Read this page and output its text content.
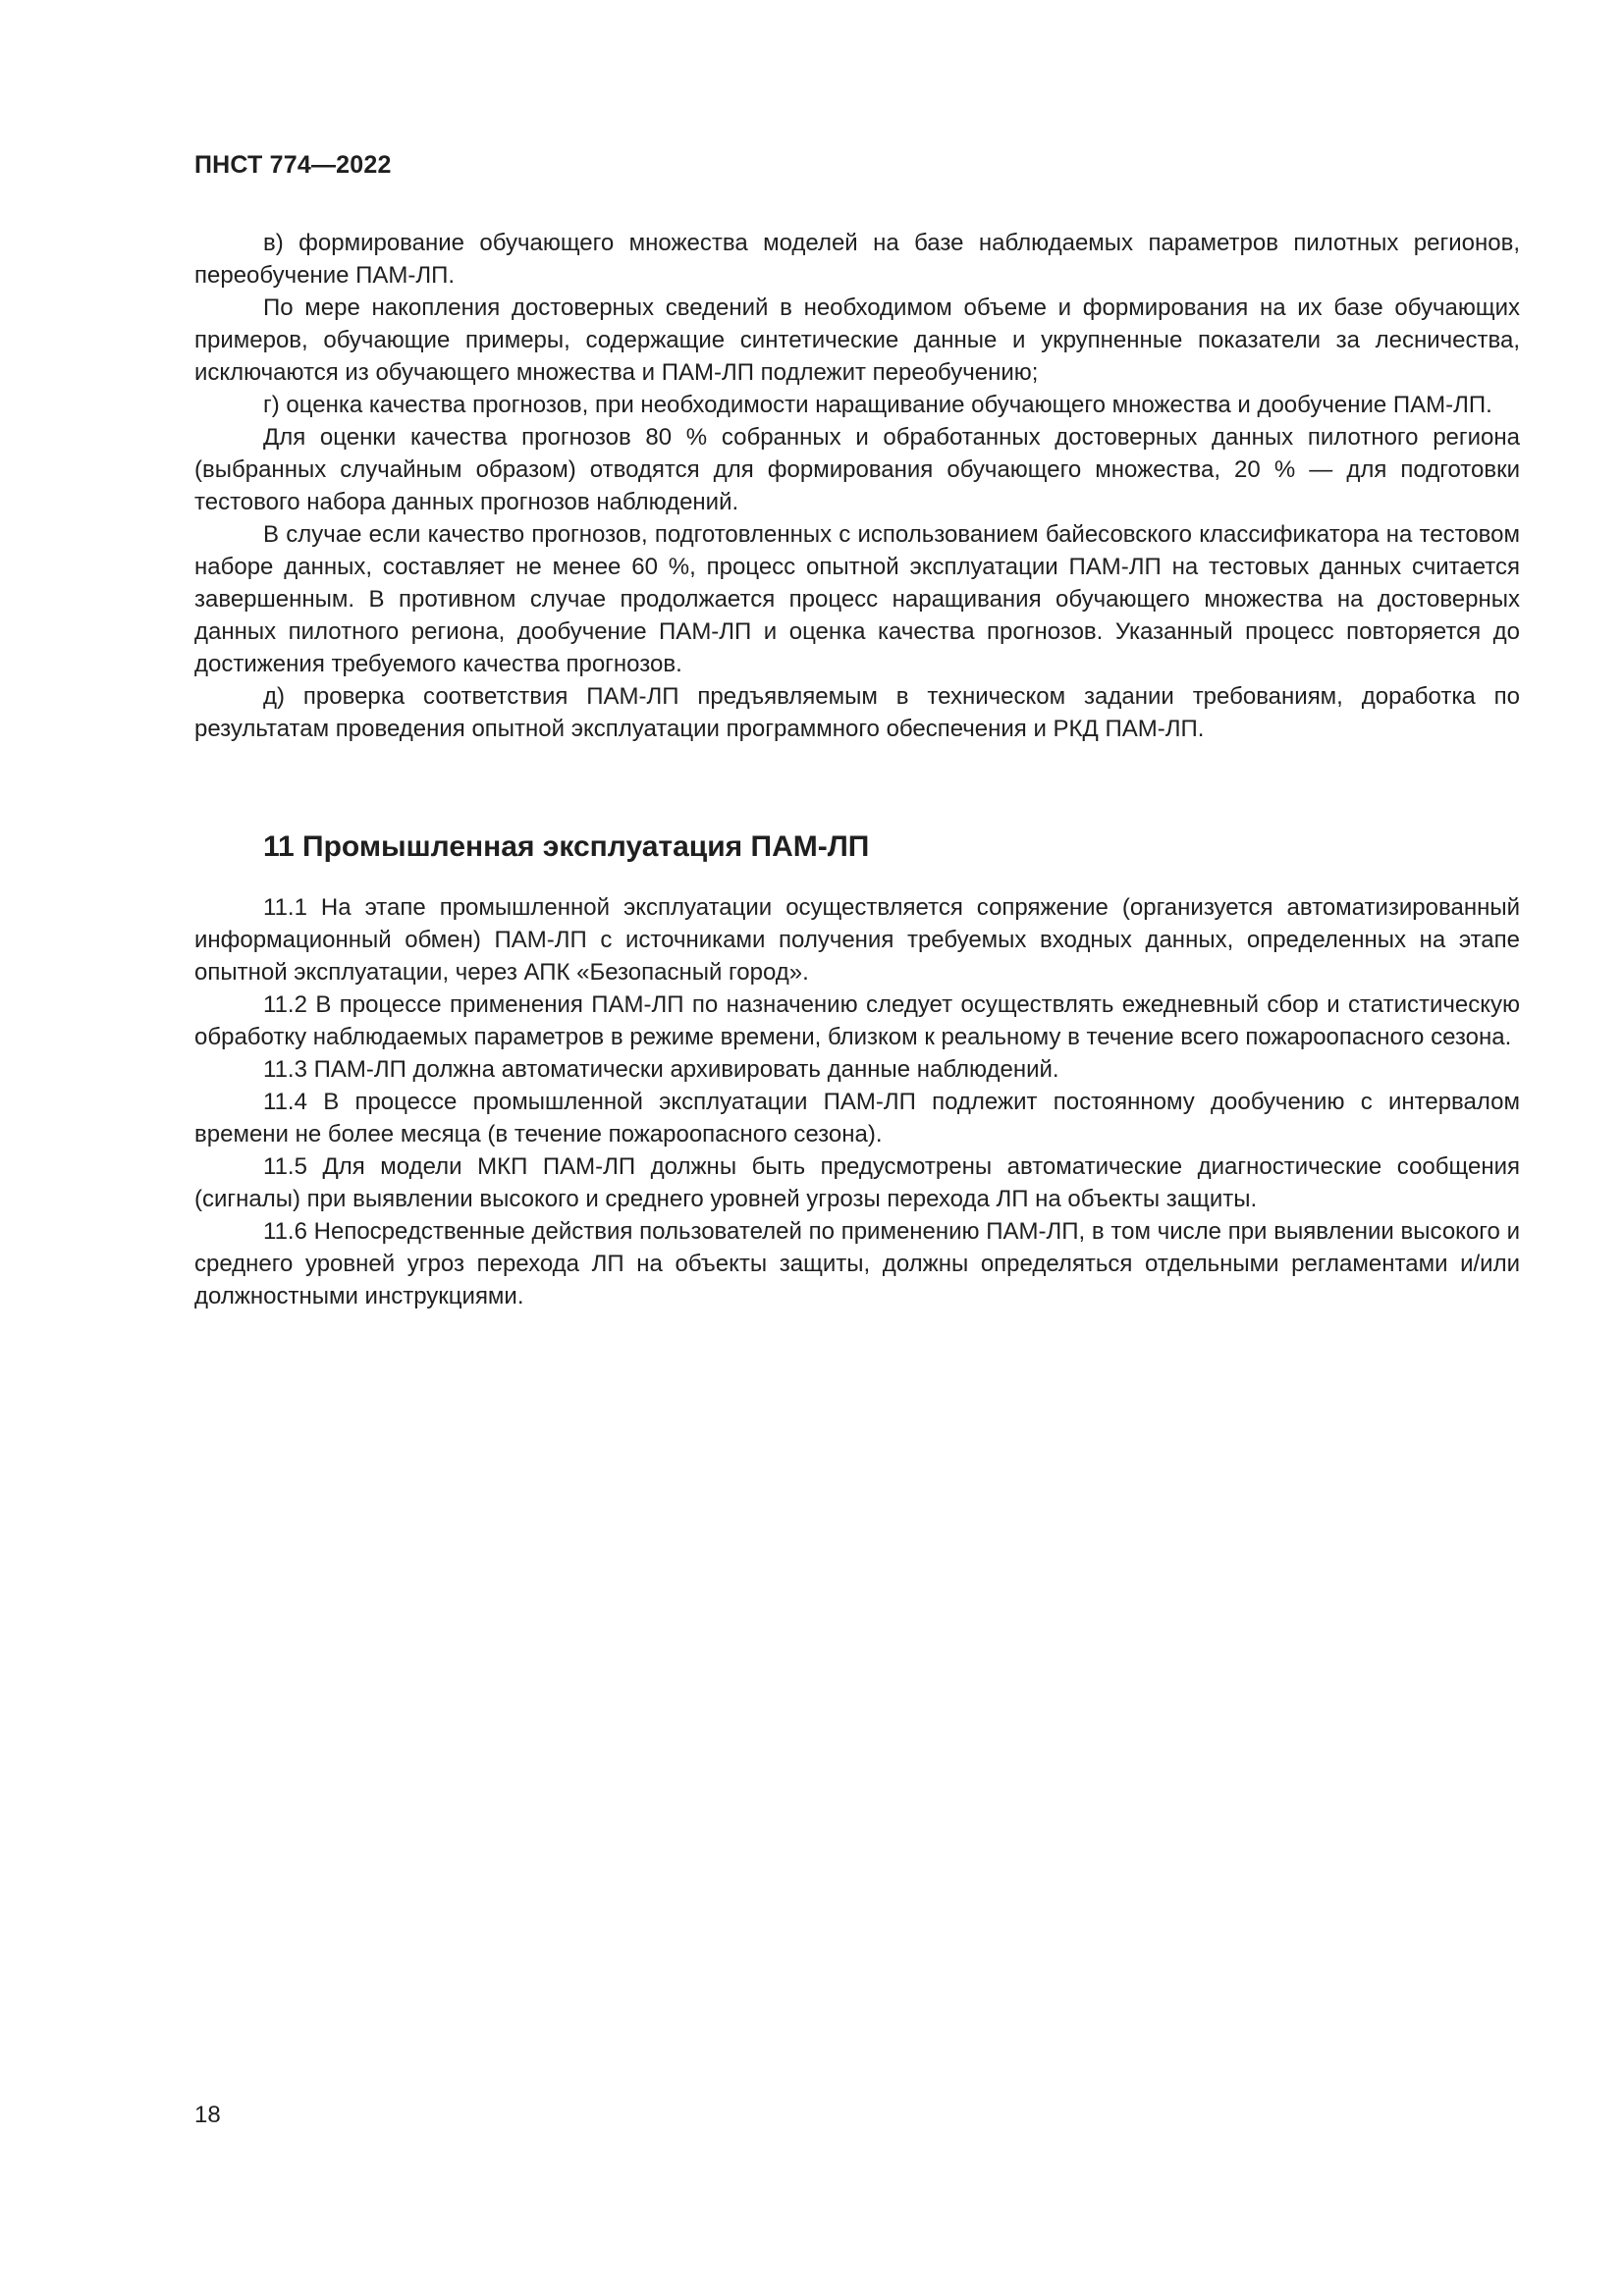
ПНСТ 774—2022

в) формирование обучающего множества моделей на базе наблюдаемых параметров пилотных регионов, переобучение ПАМ-ЛП.

По мере накопления достоверных сведений в необходимом объеме и формирования на их базе обучающих примеров, обучающие примеры, содержащие синтетические данные и укрупненные показатели за лесничества, исключаются из обучающего множества и ПАМ-ЛП подлежит переобучению;

г) оценка качества прогнозов, при необходимости наращивание обучающего множества и дообучение ПАМ-ЛП.

Для оценки качества прогнозов 80 % собранных и обработанных достоверных данных пилотного региона (выбранных случайным образом) отводятся для формирования обучающего множества, 20 % — для подготовки тестового набора данных прогнозов наблюдений.

В случае если качество прогнозов, подготовленных с использованием байесовского классификатора на тестовом наборе данных, составляет не менее 60 %, процесс опытной эксплуатации ПАМ-ЛП на тестовых данных считается завершенным. В противном случае продолжается процесс наращивания обучающего множества на достоверных данных пилотного региона, дообучение ПАМ-ЛП и оценка качества прогнозов. Указанный процесс повторяется до достижения требуемого качества прогнозов.

д) проверка соответствия ПАМ-ЛП предъявляемым в техническом задании требованиям, доработка по результатам проведения опытной эксплуатации программного обеспечения и РКД ПАМ-ЛП.

11 Промышленная эксплуатация ПАМ-ЛП

11.1 На этапе промышленной эксплуатации осуществляется сопряжение (организуется автоматизированный информационный обмен) ПАМ-ЛП с источниками получения требуемых входных данных, определенных на этапе опытной эксплуатации, через АПК «Безопасный город».

11.2 В процессе применения ПАМ-ЛП по назначению следует осуществлять ежедневный сбор и статистическую обработку наблюдаемых параметров в режиме времени, близком к реальному в течение всего пожароопасного сезона.

11.3 ПАМ-ЛП должна автоматически архивировать данные наблюдений.

11.4 В процессе промышленной эксплуатации ПАМ-ЛП подлежит постоянному дообучению с интервалом времени не более месяца (в течение пожароопасного сезона).

11.5 Для модели МКП ПАМ-ЛП должны быть предусмотрены автоматические диагностические сообщения (сигналы) при выявлении высокого и среднего уровней угрозы перехода ЛП на объекты защиты.

11.6 Непосредственные действия пользователей по применению ПАМ-ЛП, в том числе при выявлении высокого и среднего уровней угроз перехода ЛП на объекты защиты, должны определяться отдельными регламентами и/или должностными инструкциями.

18
